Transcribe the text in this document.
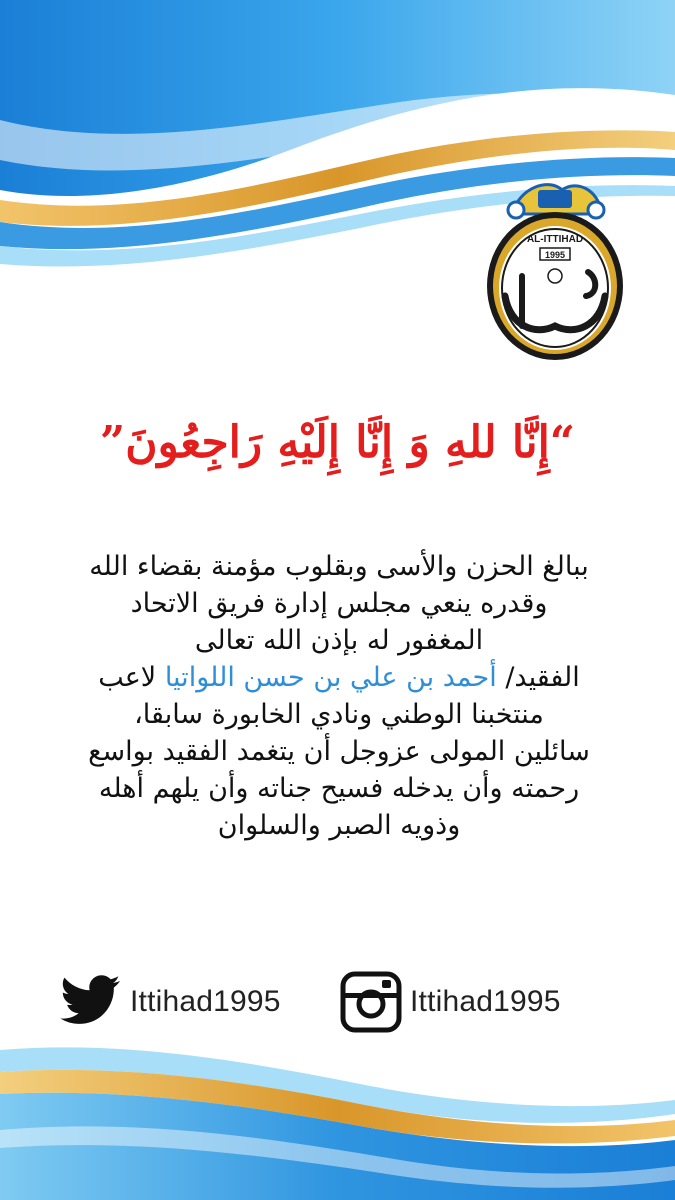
AL-ITTIHAD
1995
“إِنَّا للهِ وَ إِنَّا إِلَيْهِ رَاجِعُونَ”
ببالغ الحزن والأسى وبقلوب مؤمنة بقضاء الله
وقدره ينعي مجلس إدارة فريق الاتحاد
المغفور له بإذن الله تعالى
الفقيد/ أحمد بن علي بن حسن اللواتيا لاعب
منتخبنا الوطني ونادي الخابورة سابقا،
سائلين المولى عزوجل أن يتغمد الفقيد بواسع
رحمته وأن يدخله فسيح جناته وأن يلهم أهله
وذويه الصبر والسلوان
Ittihad1995	Ittihad1995
